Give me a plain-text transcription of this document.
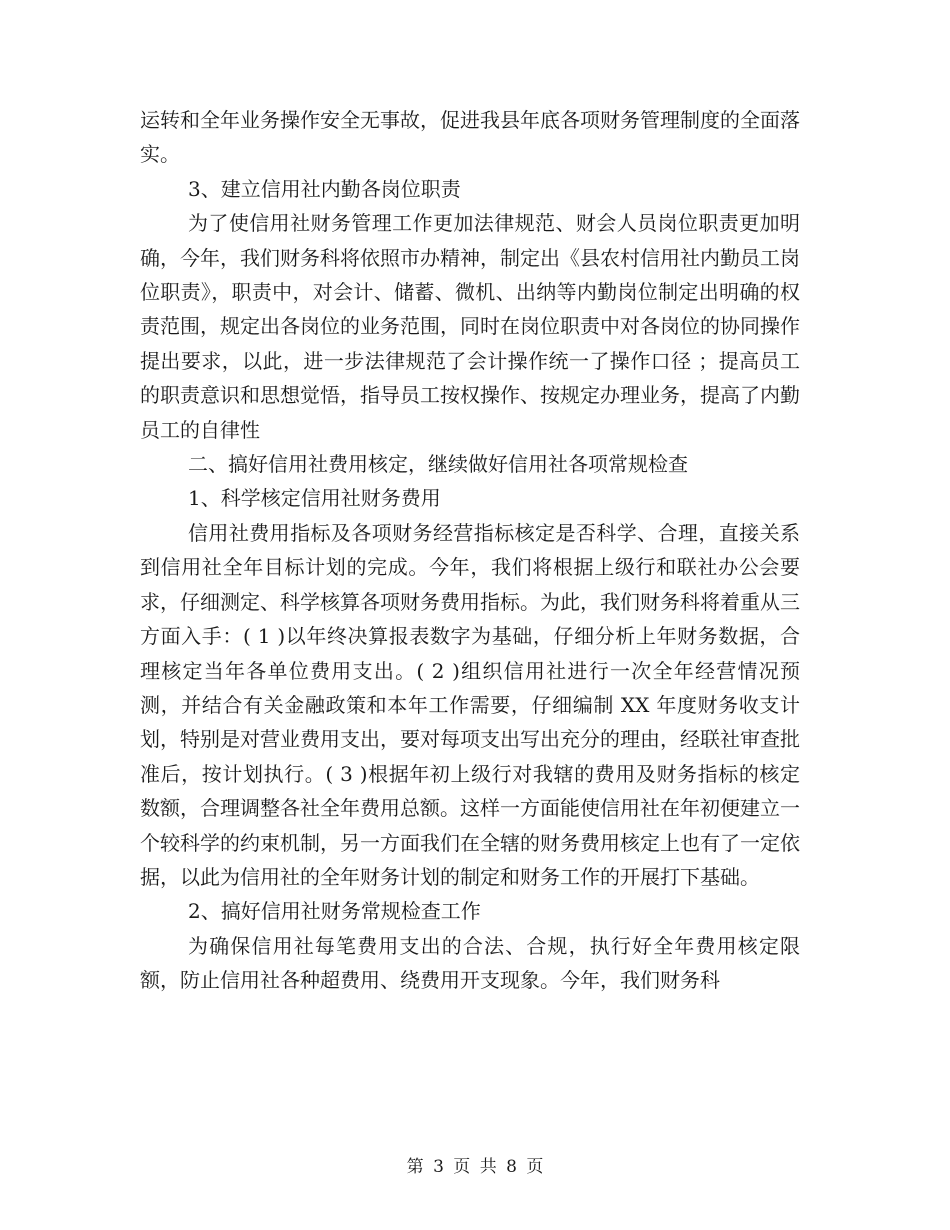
运转和全年业务操作安全无事故，促进我县年底各项财务管理制度的全面落实。

3、建立信用社内勤各岗位职责

为了使信用社财务管理工作更加法律规范、财会人员岗位职责更加明确，今年，我们财务科将依照市办精神，制定出《县农村信用社内勤员工岗位职责》，职责中，对会计、储蓄、微机、出纳等内勤岗位制定出明确的权责范围，规定出各岗位的业务范围，同时在岗位职责中对各岗位的协同操作提出要求，以此，进一步法律规范了会计操作统一了操作口径 ；提高员工的职责意识和思想觉悟，指导员工按权操作、按规定办理业务，提高了内勤员工的自律性

二、搞好信用社费用核定，继续做好信用社各项常规检查

1、科学核定信用社财务费用

信用社费用指标及各项财务经营指标核定是否科学、合理，直接关系到信用社全年目标计划的完成。今年，我们将根据上级行和联社办公会要求，仔细测定、科学核算各项财务费用指标。为此，我们财务科将着重从三方面入手：( 1 )以年终决算报表数字为基础，仔细分析上年财务数据，合理核定当年各单位费用支出。( 2 )组织信用社进行一次全年经营情况预测，并结合有关金融政策和本年工作需要，仔细编制 XX 年度财务收支计划，特别是对营业费用支出，要对每项支出写出充分的理由，经联社审查批准后，按计划执行。( 3 )根据年初上级行对我辖的费用及财务指标的核定数额，合理调整各社全年费用总额。这样一方面能使信用社在年初便建立一个较科学的约束机制，另一方面我们在全辖的财务费用核定上也有了一定依据，以此为信用社的全年财务计划的制定和财务工作的开展打下基础。

2、搞好信用社财务常规检查工作

为确保信用社每笔费用支出的合法、合规，执行好全年费用核定限额，防止信用社各种超费用、绕费用开支现象。今年，我们财务科

第 3 页 共 8 页
